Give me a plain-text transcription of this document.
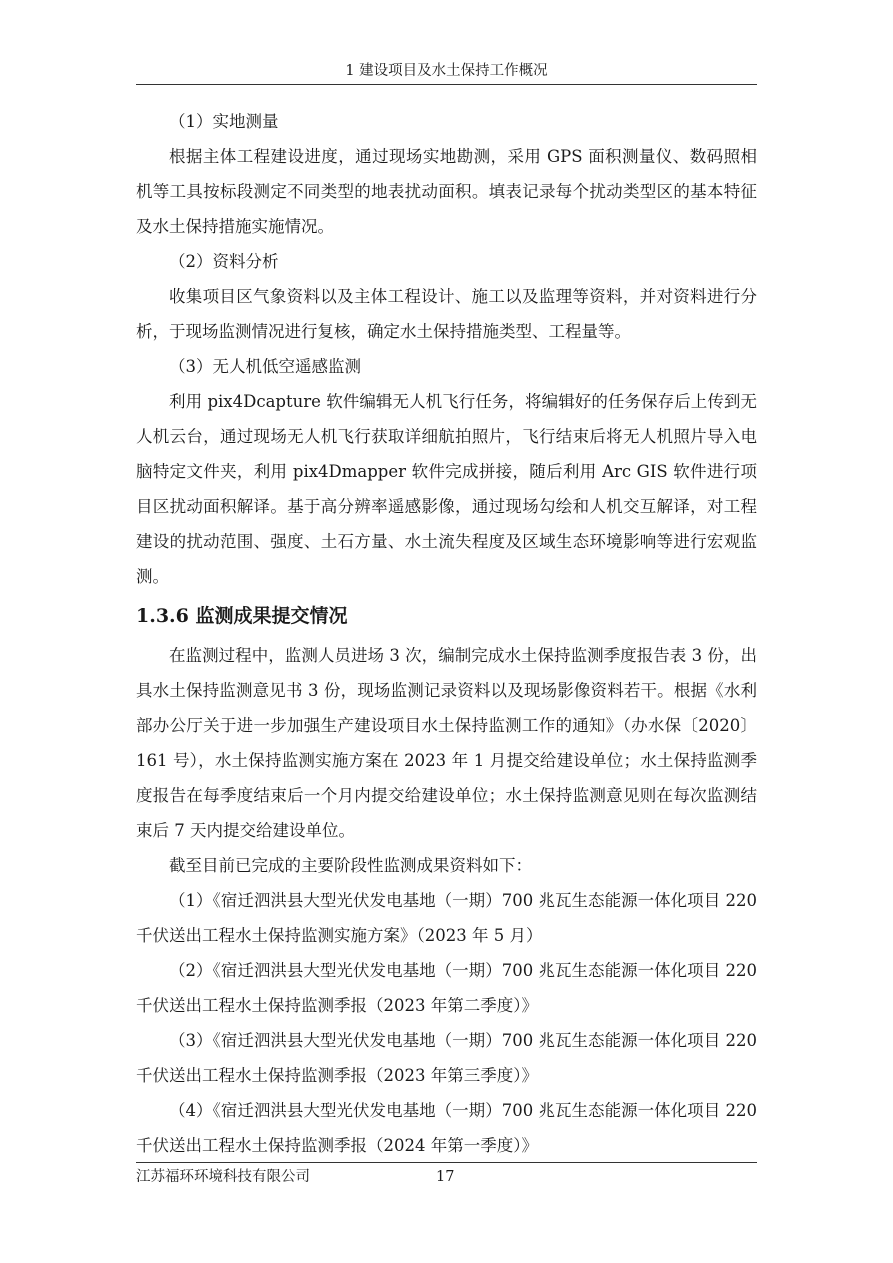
1 建设项目及水土保持工作概况

（1）实地测量

根据主体工程建设进度，通过现场实地勘测，采用 GPS 面积测量仪、数码照相机等工具按标段测定不同类型的地表扰动面积。填表记录每个扰动类型区的基本特征及水土保持措施实施情况。

（2）资料分析

收集项目区气象资料以及主体工程设计、施工以及监理等资料，并对资料进行分析，于现场监测情况进行复核，确定水土保持措施类型、工程量等。

（3）无人机低空遥感监测

利用 pix4Dcapture 软件编辑无人机飞行任务，将编辑好的任务保存后上传到无人机云台，通过现场无人机飞行获取详细航拍照片，飞行结束后将无人机照片导入电脑特定文件夹，利用 pix4Dmapper 软件完成拼接，随后利用 Arc GIS 软件进行项目区扰动面积解译。基于高分辨率遥感影像，通过现场勾绘和人机交互解译，对工程建设的扰动范围、强度、土石方量、水土流失程度及区域生态环境影响等进行宏观监测。

1.3.6 监测成果提交情况

在监测过程中，监测人员进场 3 次，编制完成水土保持监测季度报告表 3 份，出具水土保持监测意见书 3 份，现场监测记录资料以及现场影像资料若干。根据《水利部办公厅关于进一步加强生产建设项目水土保持监测工作的通知》（办水保〔2020〕161 号），水土保持监测实施方案在 2023 年 1 月提交给建设单位；水土保持监测季度报告在每季度结束后一个月内提交给建设单位；水土保持监测意见则在每次监测结束后 7 天内提交给建设单位。

截至目前已完成的主要阶段性监测成果资料如下：

（1）《宿迁泗洪县大型光伏发电基地（一期）700 兆瓦生态能源一体化项目 220 千伏送出工程水土保持监测实施方案》（2023 年 5 月）

（2）《宿迁泗洪县大型光伏发电基地（一期）700 兆瓦生态能源一体化项目 220 千伏送出工程水土保持监测季报（2023 年第二季度）》

（3）《宿迁泗洪县大型光伏发电基地（一期）700 兆瓦生态能源一体化项目 220 千伏送出工程水土保持监测季报（2023 年第三季度）》

（4）《宿迁泗洪县大型光伏发电基地（一期）700 兆瓦生态能源一体化项目 220 千伏送出工程水土保持监测季报（2024 年第一季度）》

江苏福环环境科技有限公司	17
